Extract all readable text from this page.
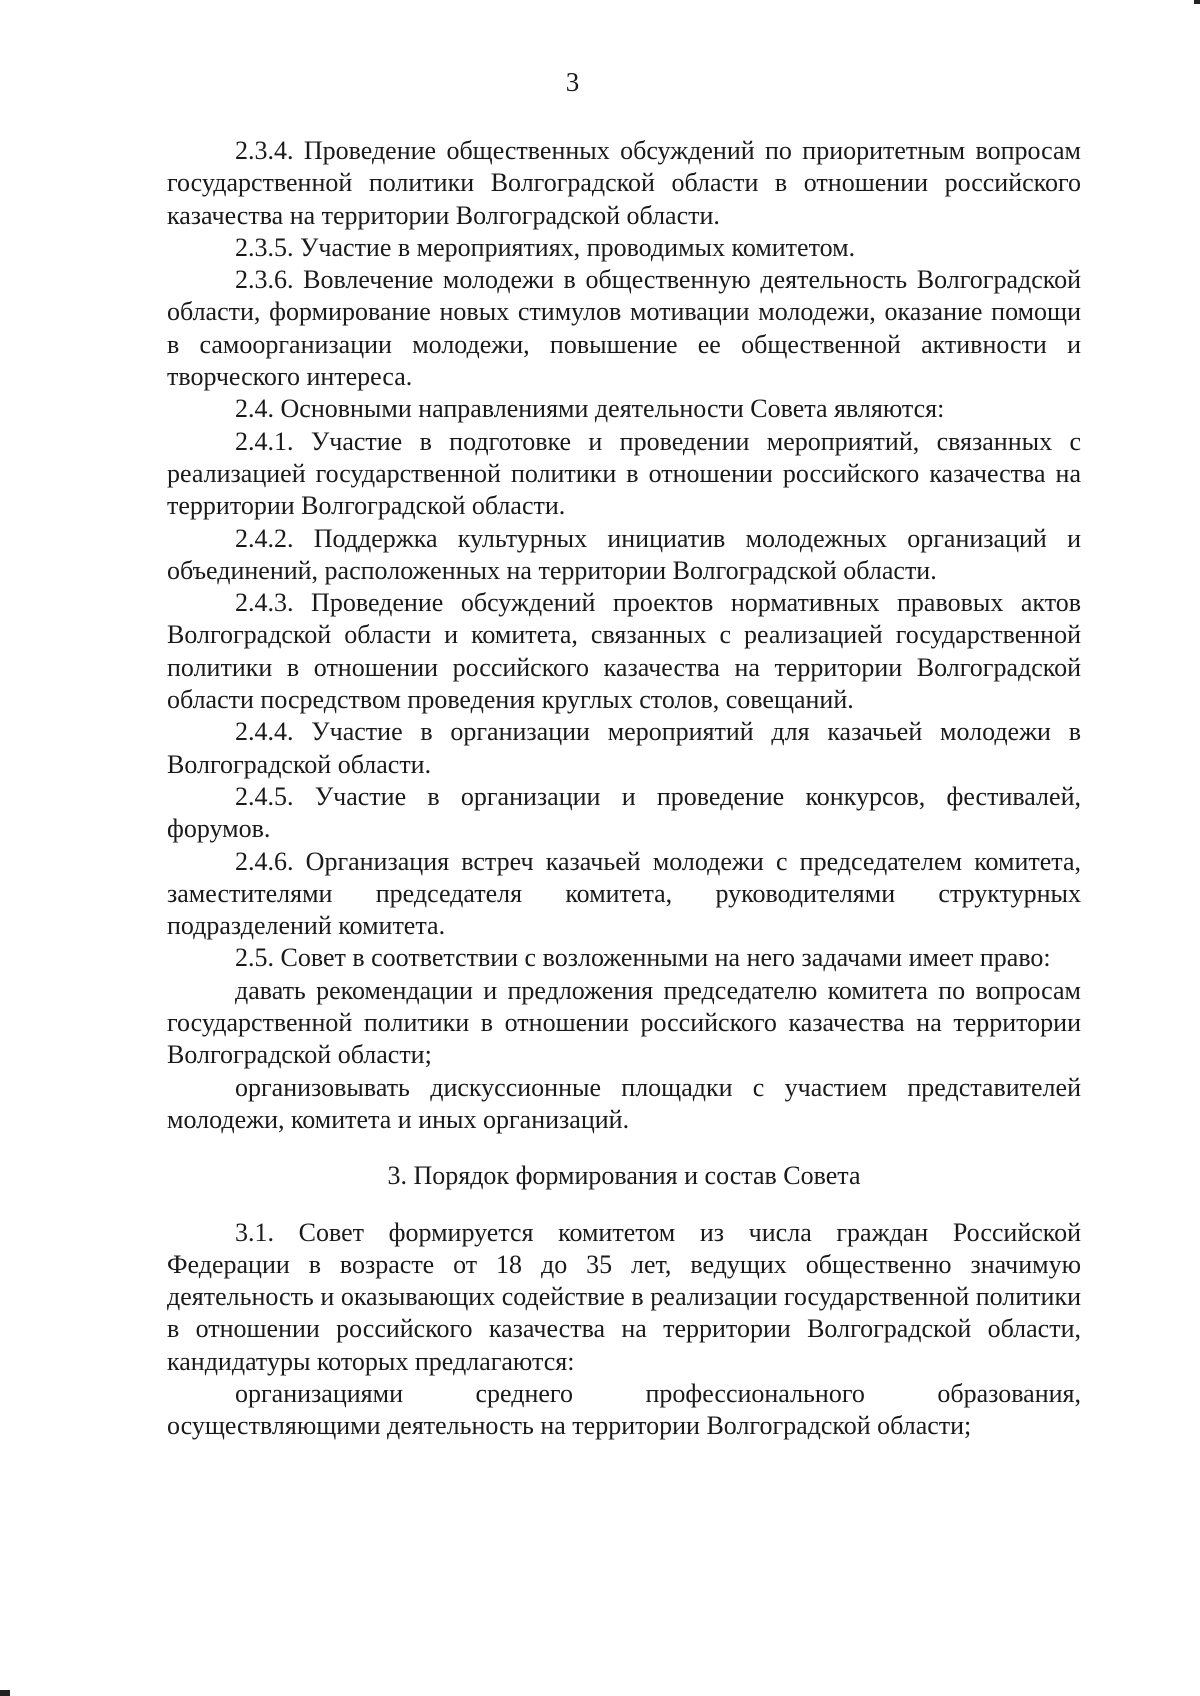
3

2.3.4. Проведение общественных обсуждений по приоритетным вопросам государственной политики Волгоградской области в отношении российского казачества на территории Волгоградской области.

2.3.5. Участие в мероприятиях, проводимых комитетом.

2.3.6. Вовлечение молодежи в общественную деятельность Волгоградской области, формирование новых стимулов мотивации молодежи, оказание помощи в самоорганизации молодежи, повышение ее общественной активности и творческого интереса.

2.4. Основными направлениями деятельности Совета являются:

2.4.1. Участие в подготовке и проведении мероприятий, связанных с реализацией государственной политики в отношении российского казачества на территории Волгоградской области.

2.4.2. Поддержка культурных инициатив молодежных организаций и объединений, расположенных на территории Волгоградской области.

2.4.3. Проведение обсуждений проектов нормативных правовых актов Волгоградской области и комитета, связанных с реализацией государственной политики в отношении российского казачества на территории Волгоградской области посредством проведения круглых столов, совещаний.

2.4.4. Участие в организации мероприятий для казачьей молодежи в Волгоградской области.

2.4.5. Участие в организации и проведение конкурсов, фестивалей, форумов.

2.4.6. Организация встреч казачьей молодежи с председателем комитета, заместителями председателя комитета, руководителями структурных подразделений комитета.

2.5. Совет в соответствии с возложенными на него задачами имеет право:

давать рекомендации и предложения председателю комитета по вопросам государственной политики в отношении российского казачества на территории Волгоградской области;

организовывать дискуссионные площадки с участием представителей молодежи, комитета и иных организаций.

3. Порядок формирования и состав Совета

3.1. Совет формируется комитетом из числа граждан Российской Федерации в возрасте от 18 до 35 лет, ведущих общественно значимую деятельность и оказывающих содействие в реализации государственной политики в отношении российского казачества на территории Волгоградской области, кандидатуры которых предлагаются:

организациями среднего профессионального образования, осуществляющими деятельность на территории Волгоградской области;
